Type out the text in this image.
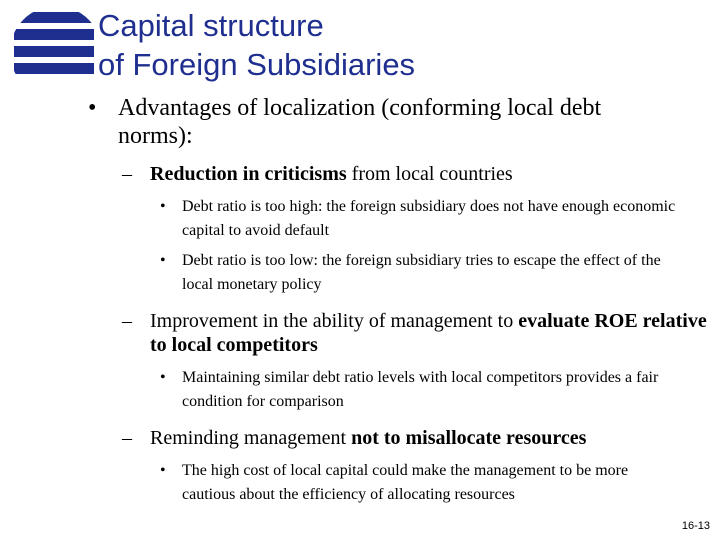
Capital structure
of Foreign Subsidiaries
• Advantages of localization (conforming local debt norms):
– Reduction in criticisms from local countries
• Debt ratio is too high: the foreign subsidiary does not have enough economic capital to avoid default
• Debt ratio is too low: the foreign subsidiary tries to escape the effect of the local monetary policy
– Improvement in the ability of management to evaluate ROE relative to local competitors
• Maintaining similar debt ratio levels with local competitors provides a fair condition for comparison
– Reminding management not to misallocate resources
• The high cost of local capital could make the management to be more cautious about the efficiency of allocating resources
16-13
